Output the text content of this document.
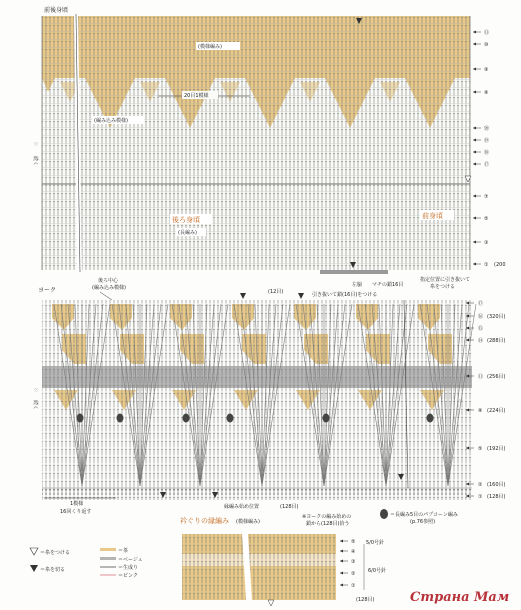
前後身頃
(模様編み)
20目1模様
(編み込み模様)
♡
続く
後ろ身頃
(長編み)
前身頃
⑪
⑩
⑨
⑧
⑳
⑲
⑱
⑰
⑦
⑤
③
① (200
後ろ中心
(編み込み模様)
ヨーク	(12目)	引き抜いて鎖(16目)をつける
左脇 マチの鎖16目
指定位置に引き抜いて
糸をつける
♡
続く	♡
⑰
⑯ (320目)
⑮
⑭ (288目)
⑪ (256目)
⑧ (224目)
⑤ (192目)
② (160目)
① (128目)
1模様
16回くり返す
縁編み始め位置	(128目)
※ヨークの編み始めの
鎖から(128目)拾う
＝長編み5目のパプコーン編み
(p.76参照)
衿ぐりの縁編み (模様編み)
⑤
④
③
②
①
5/0号針
6/0号針
(128目)
＝糸をつける
＝糸を切る
＝茶
＝ベージュ
＝生成り
＝ピンク
Страна Мам
